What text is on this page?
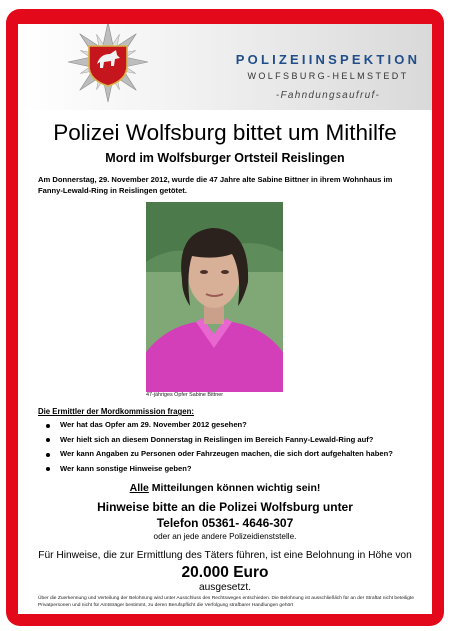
POLIZEIINSPEKTION
WOLFSBURG-HELMSTEDT
-Fahndungsaufruf-
Polizei Wolfsburg bittet um Mithilfe
Mord im Wolfsburger Ortsteil Reislingen
Am Donnerstag, 29. November 2012, wurde die 47 Jahre alte Sabine Bittner in ihrem Wohnhaus im Fanny-Lewald-Ring in Reislingen getötet.
47-jähriges Opfer Sabine Bittner
Die Ermittler der Mordkommission fragen:
Wer hat das Opfer am 29. November 2012 gesehen?
Wer hielt sich an diesem Donnerstag in Reislingen im Bereich Fanny-Lewald-Ring auf?
Wer kann Angaben zu Personen oder Fahrzeugen machen, die sich dort aufgehalten haben?
Wer kann sonstige Hinweise geben?
Alle Mitteilungen können wichtig sein!
Hinweise bitte an die Polizei Wolfsburg unter
Telefon 05361- 4646-307
oder an jede andere Polizeidienststelle.
Für Hinweise, die zur Ermittlung des Täters führen, ist eine Belohnung in Höhe von
20.000 Euro
ausgesetzt.
Über die Zuerkennung und Verteilung der Belohnung wird unter Ausschluss des Rechtsweges entschieden. Die Belohnung ist ausschließlich für an der Straftat nicht beteiligte Privatpersonen und nicht für Amtsträger bestimmt, zu deren Berufspflicht die Verfolgung strafbarer Handlungen gehört
